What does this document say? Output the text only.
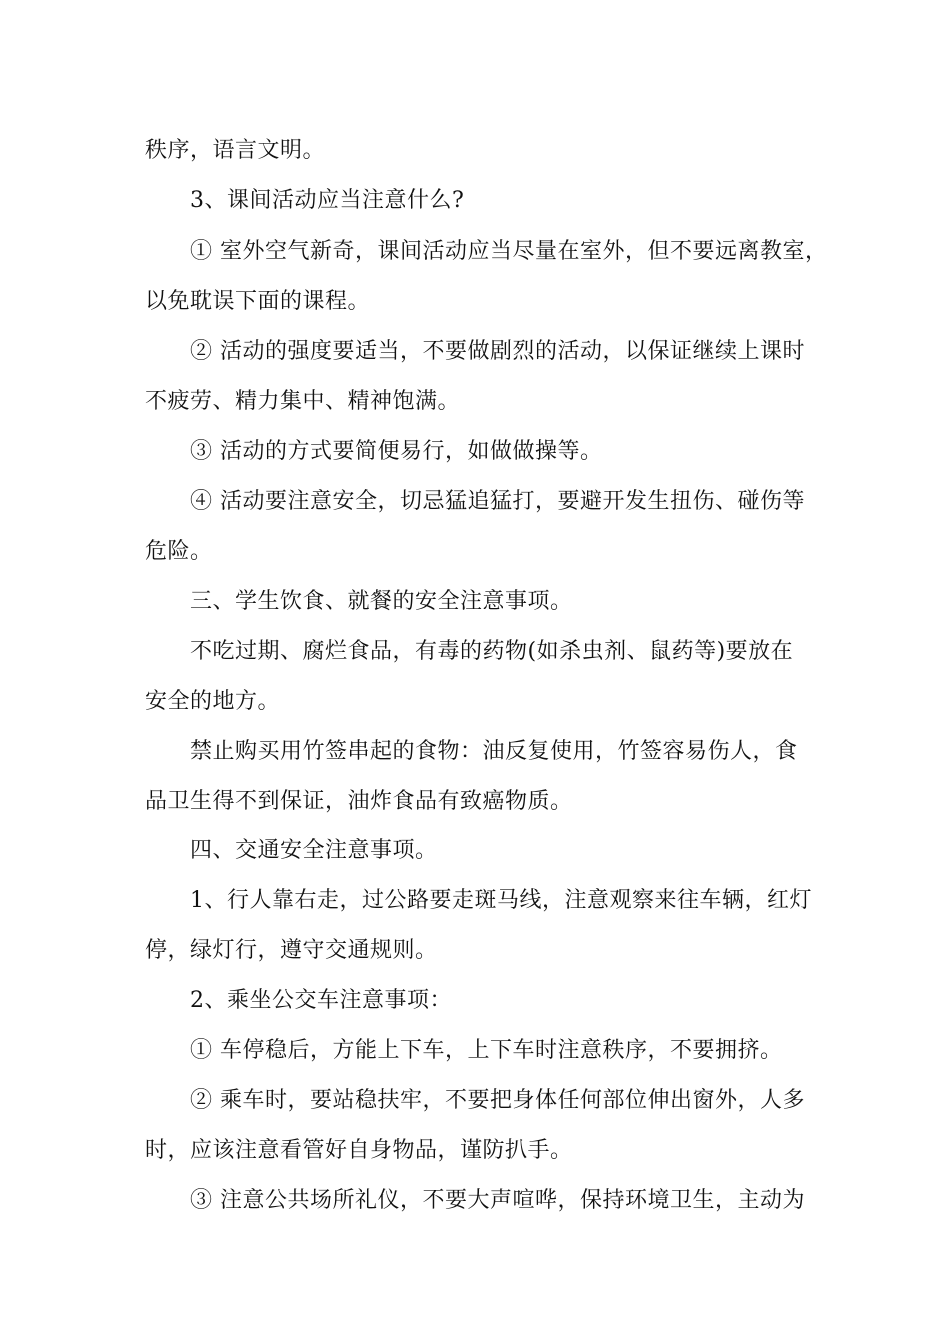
秩序，语言文明。
3、课间活动应当注意什么?
① 室外空气新奇，课间活动应当尽量在室外，但不要远离教室，
以免耽误下面的课程。
② 活动的强度要适当，不要做剧烈的活动，以保证继续上课时
不疲劳、精力集中、精神饱满。
③ 活动的方式要简便易行，如做做操等。
④ 活动要注意安全，切忌猛追猛打，要避开发生扭伤、碰伤等
危险。
三、学生饮食、就餐的安全注意事项。
不吃过期、腐烂食品，有毒的药物(如杀虫剂、鼠药等)要放在
安全的地方。
禁止购买用竹签串起的食物：油反复使用，竹签容易伤人，食
品卫生得不到保证，油炸食品有致癌物质。
四、交通安全注意事项。
1、行人靠右走，过公路要走斑马线，注意观察来往车辆，红灯
停，绿灯行，遵守交通规则。
2、乘坐公交车注意事项：
① 车停稳后，方能上下车，上下车时注意秩序，不要拥挤。
② 乘车时，要站稳扶牢，不要把身体任何部位伸出窗外，人多
时，应该注意看管好自身物品，谨防扒手。
③ 注意公共场所礼仪，不要大声喧哗，保持环境卫生，主动为
